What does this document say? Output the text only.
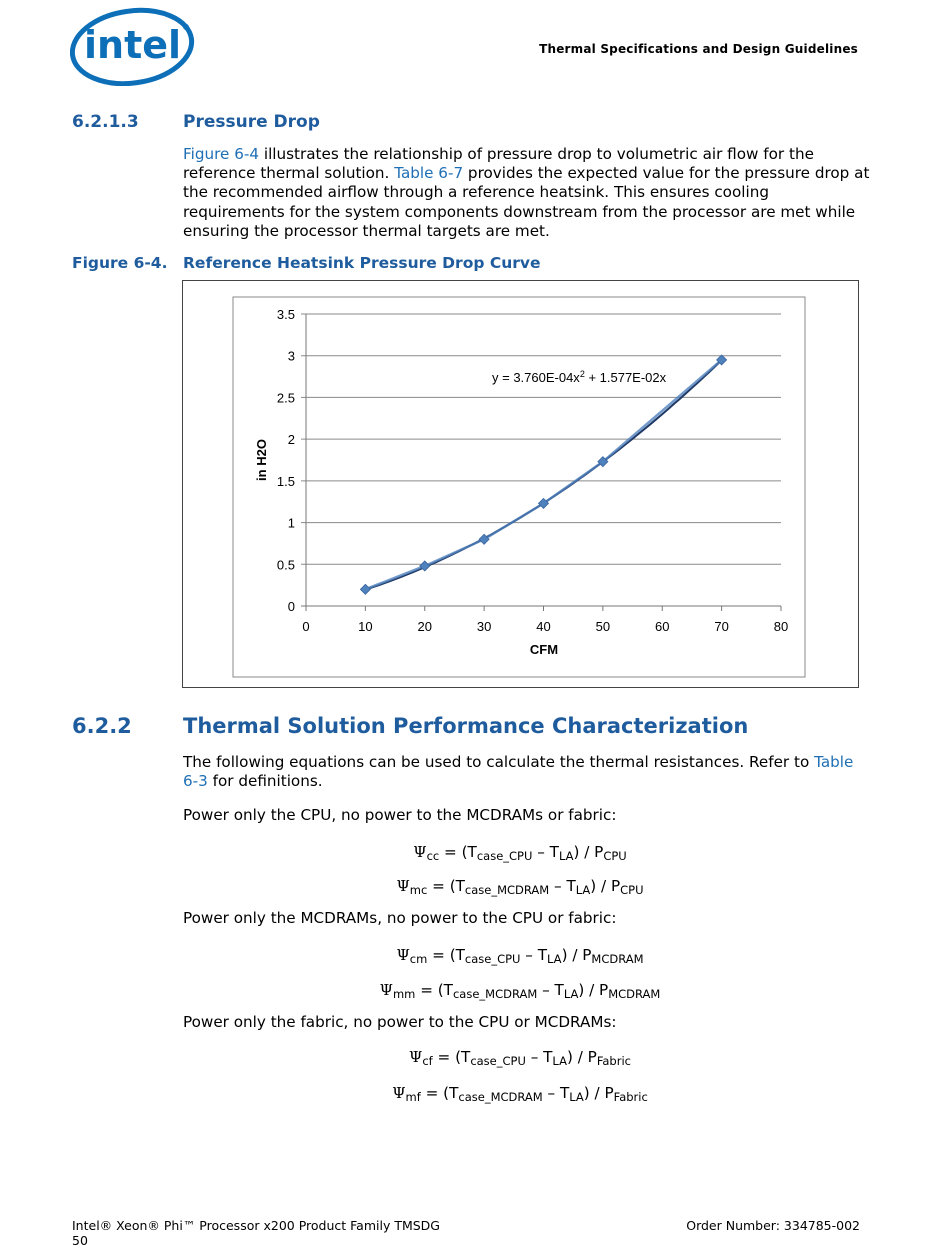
intel ®
Thermal Specifications and Design Guidelines
6.2.1.3	Pressure Drop
Figure 6-4 illustrates the relationship of pressure drop to volumetric air flow for the reference thermal solution. Table 6-7 provides the expected value for the pressure drop at the recommended airflow through a reference heatsink. This ensures cooling requirements for the system components downstream from the processor are met while ensuring the processor thermal targets are met.
Figure 6-4. Reference Heatsink Pressure Drop Curve
0
0.5
1
1.5
2
2.5
3
3.5
0	10	20	30	40	50	60	70	80
$y = 3.760E-04x^2 + 1.577E-02x$
CFM
in H2O
6.2.2 Thermal Solution Performance Characterization
The following equations can be used to calculate the thermal resistances. Refer to Table 6-3 for definitions.
Power only the CPU, no power to the MCDRAMs or fabric:
$\Psi_{cc} = (T_{case\_CPU} - T_{LA}) / P_{CPU}$
$\Psi_{mc} = (T_{case\_MCDRAM} - T_{LA}) / P_{CPU}$
Power only the MCDRAMs, no power to the CPU or fabric:
$\Psi_{cm} = (T_{case\_CPU} - T_{LA}) / P_{MCDRAM}$
$\Psi_{mm} = (T_{case\_MCDRAM} - T_{LA}) / P_{MCDRAM}$
Power only the fabric, no power to the CPU or MCDRAMs:
$\Psi_{cf} = (T_{case\_CPU} - T_{LA}) / P_{Fabric}$
$\Psi_{mf} = (T_{case\_MCDRAM} - T_{LA}) / P_{Fabric}$
Intel® Xeon® Phi™ Processor x200 Product Family TMSDG	Order Number: 334785-002
50
